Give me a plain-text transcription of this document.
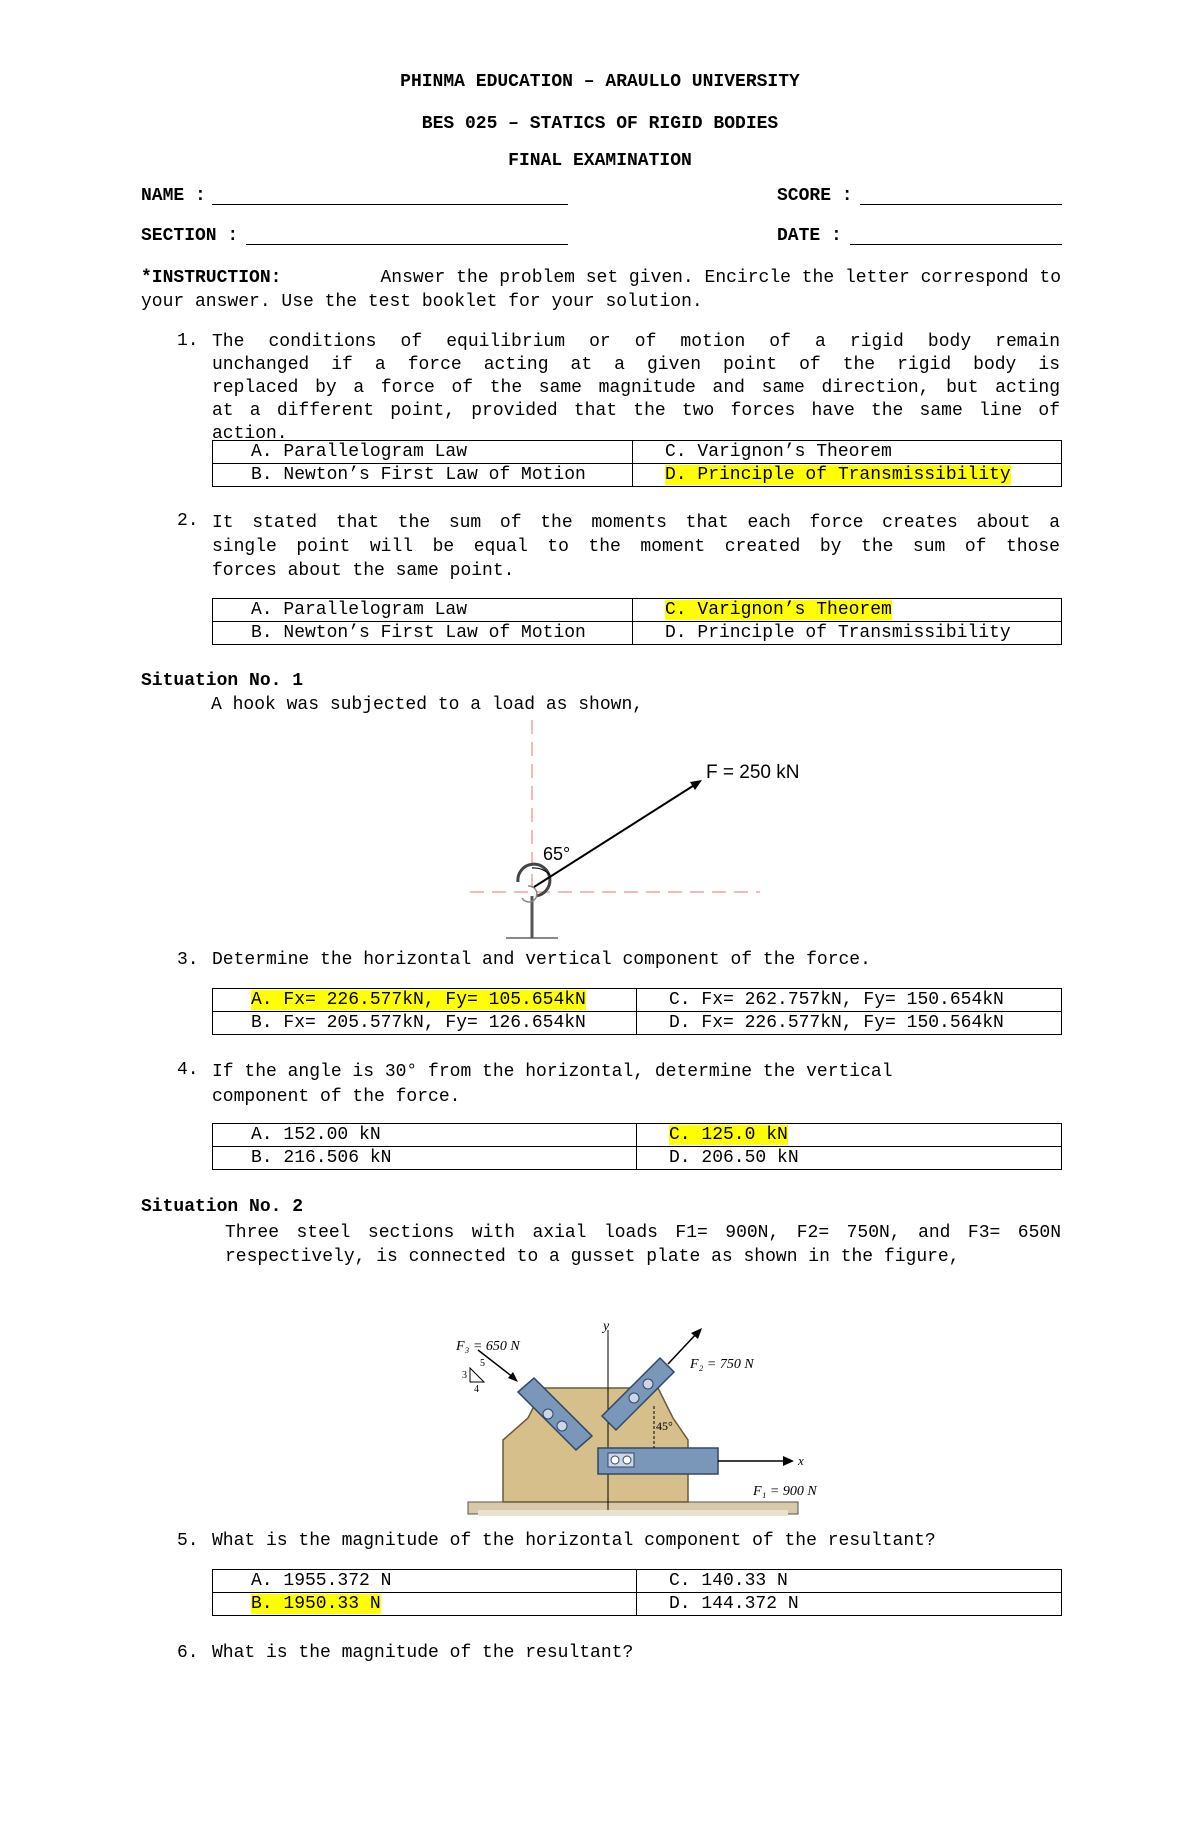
PHINMA EDUCATION – ARAULLO UNIVERSITY
BES 025 – STATICS OF RIGID BODIES
FINAL EXAMINATION
NAME :	SCORE :
SECTION :	DATE :
*INSTRUCTION:	Answer the problem set given. Encircle the letter correspond to
your answer. Use the test booklet for your solution.
1. The conditions of equilibrium or of motion of a rigid body remain
unchanged if a force acting at a given point of the rigid body is
replaced by a force of the same magnitude and same direction, but acting
at a different point, provided that the two forces have the same line of
action.
A. Parallelogram Law	C. Varignon’s Theorem
B. Newton’s First Law of Motion	D. Principle of Transmissibility
2. It stated that the sum of the moments that each force creates about a
single point will be equal to the moment created by the sum of those
forces about the same point.
A. Parallelogram Law	C. Varignon’s Theorem
B. Newton’s First Law of Motion	D. Principle of Transmissibility
Situation No. 1
A hook was subjected to a load as shown,
65°
F = 250 kN
3. Determine the horizontal and vertical component of the force.
A. Fx= 226.577kN, Fy= 105.654kN	C. Fx= 262.757kN, Fy= 150.654kN
B. Fx= 205.577kN, Fy= 126.654kN	D. Fx= 226.577kN, Fy= 150.564kN
4. If the angle is 30° from the horizontal, determine the vertical
component of the force.
A. 152.00 kN	C. 125.0 kN
B. 216.506 kN	D. 206.50 kN
Situation No. 2
Three steel sections with axial loads F1= 900N, F2= 750N, and F3= 650N
respectively, is connected to a gusset plate as shown in the figure,
y
x
45°
3
4
5
F₃ = 650 N
F₂ = 750 N
F₁ = 900 N
5. What is the magnitude of the horizontal component of the resultant?
A. 1955.372 N	C. 140.33 N
B. 1950.33 N	D. 144.372 N
6. What is the magnitude of the resultant?
